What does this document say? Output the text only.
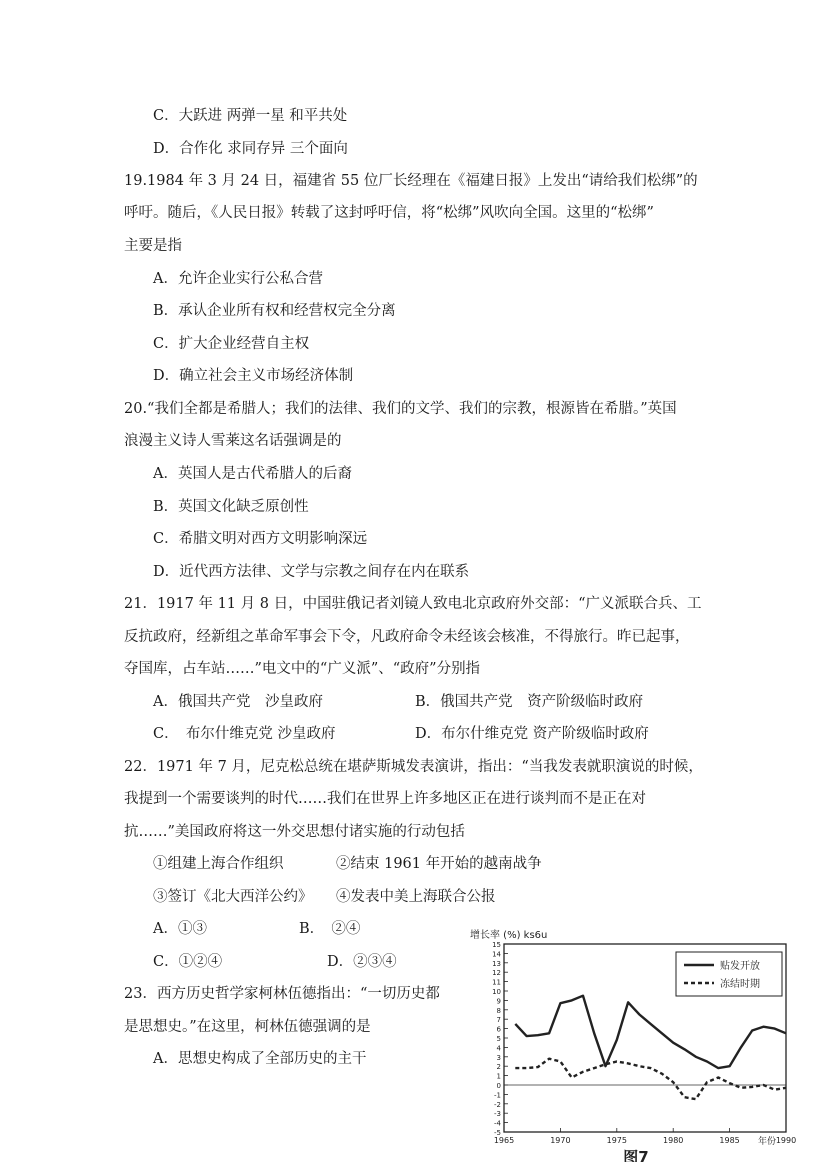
C．大跃进 两弹一星 和平共处
D．合作化 求同存异 三个面向
19.1984 年 3 月 24 日，福建省 55 位厂长经理在《福建日报》上发出“请给我们松绑”的
呼吁。随后，《人民日报》转载了这封呼吁信，将“松绑”风吹向全国。这里的“松绑”
主要是指
A．允许企业实行公私合营
B．承认企业所有权和经营权完全分离
C．扩大企业经营自主权
D．确立社会主义市场经济体制
20.“我们全都是希腊人；我们的法律、我们的文学、我们的宗教，根源皆在希腊。”英国
浪漫主义诗人雪莱这名话强调是的
A．英国人是古代希腊人的后裔
B．英国文化缺乏原创性
C．希腊文明对西方文明影响深远
D．近代西方法律、文学与宗教之间存在内在联系
21．1917 年 11 月 8 日，中国驻俄记者刘镜人致电北京政府外交部：“广义派联合兵、工
反抗政府，经新组之革命军事会下令，凡政府命令未经该会核准，不得旅行。昨已起事，
夺国库，占车站……”电文中的“广义派”、“政府”分别指
A．俄国共产党　沙皇政府	B．俄国共产党　资产阶级临时政府
C．　布尔什维克党 沙皇政府	D．布尔什维克党 资产阶级临时政府
22．1971 年 7 月，尼克松总统在堪萨斯城发表演讲，指出：“当我发表就职演说的时候，
我提到一个需要谈判的时代……我们在世界上许多地区正在进行谈判而不是正在对
抗……”美国政府将这一外交思想付诸实施的行动包括
①组建上海合作组织	②结束 1961 年开始的越南战争
③签订《北大西洋公约》 ④发表中美上海联合公报
A．①③	B．　②④
C．①②④	D．②③④
23．西方历史哲学家柯林伍德指出：“一切历史都
是思想史。”在这里，柯林伍德强调的是
A．思想史构成了全部历史的主干
增长率 (%) ks6u
15
14
13
12
11
10
9
8
7
6
5
4
3
2
1
0
-1
-2
-3
-4
-5
1965	1970	1975	1980	1985	1990
贴发开放
冻结时期
年份
图7
